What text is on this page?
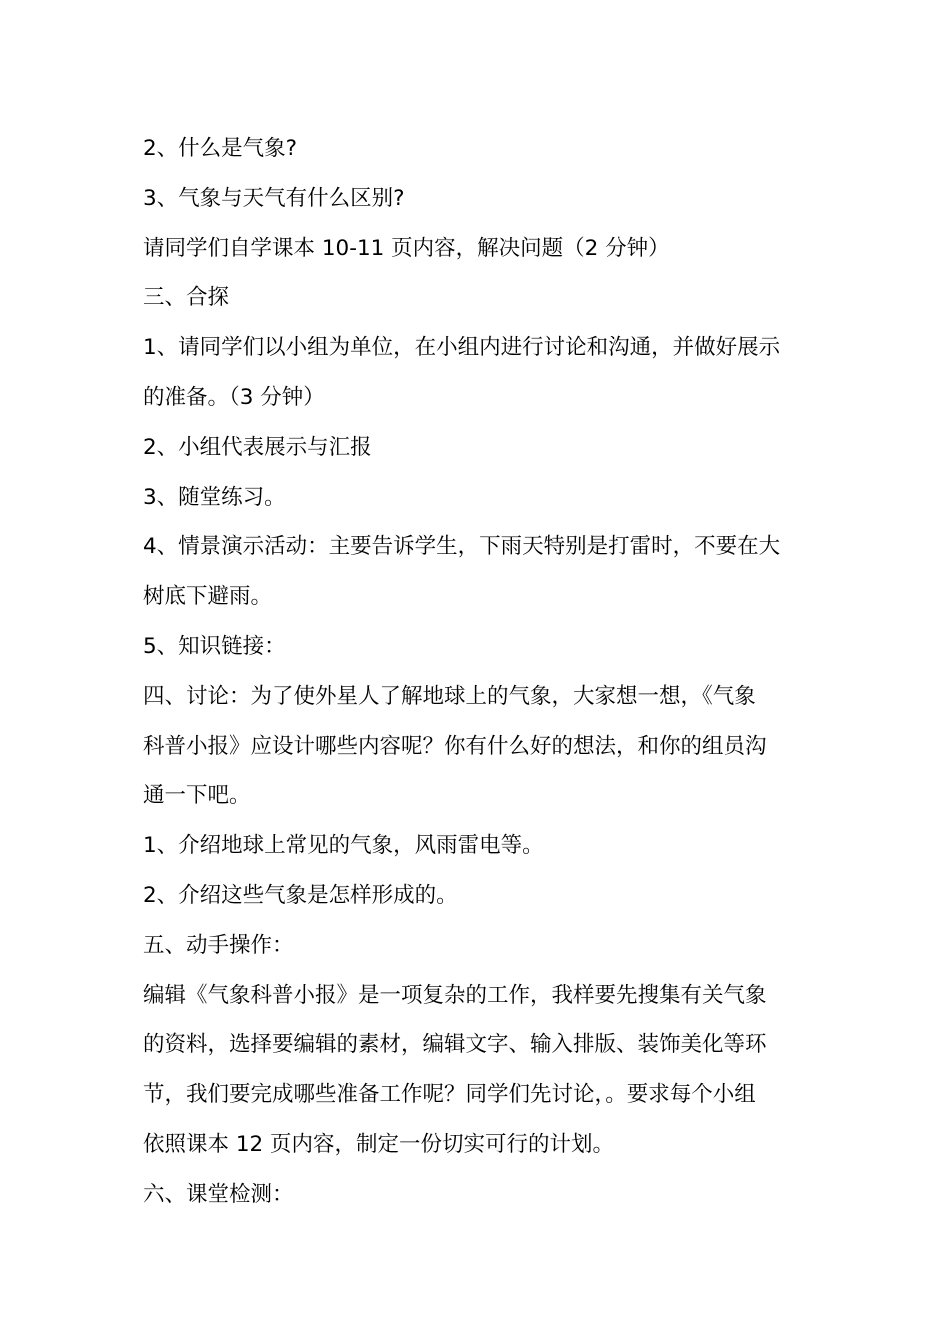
2、什么是气象?
3、气象与天气有什么区别?
请同学们自学课本 10-11 页内容，解决问题（2 分钟）
三、合探
1、请同学们以小组为单位，在小组内进行讨论和沟通，并做好展示
的准备。（3 分钟）
2、小组代表展示与汇报
3、随堂练习。
4、情景演示活动：主要告诉学生，下雨天特别是打雷时，不要在大
树底下避雨。
5、知识链接：
四、讨论：为了使外星人了解地球上的气象，大家想一想，《气象
科普小报》应设计哪些内容呢？你有什么好的想法，和你的组员沟
通一下吧。
1、介绍地球上常见的气象，风雨雷电等。
2、介绍这些气象是怎样形成的。
五、动手操作：
编辑《气象科普小报》是一项复杂的工作，我样要先搜集有关气象
的资料，选择要编辑的素材，编辑文字、输入排版、装饰美化等环
节，我们要完成哪些准备工作呢？同学们先讨论，。要求每个小组
依照课本 12 页内容，制定一份切实可行的计划。
六、课堂检测：
